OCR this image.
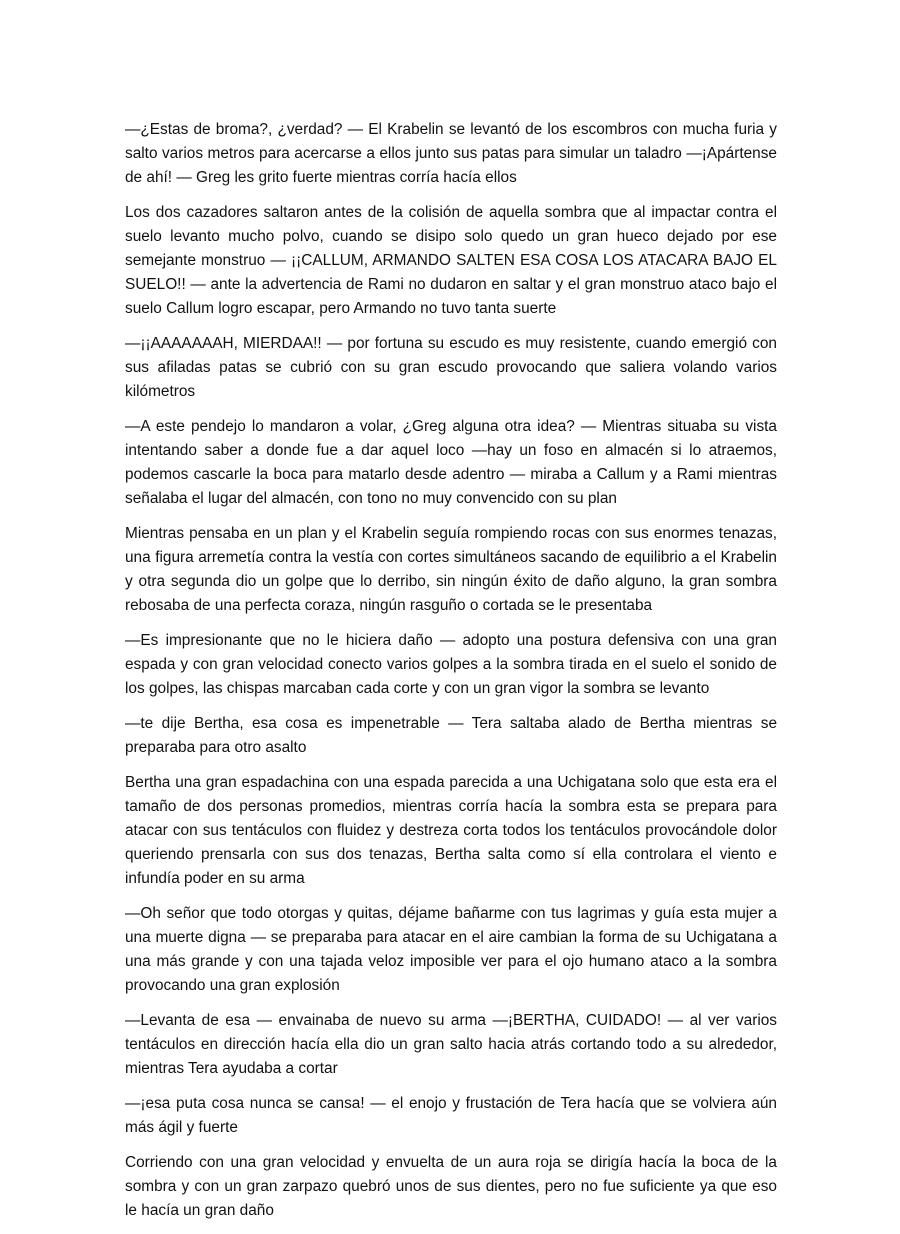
—¿Estas de broma?, ¿verdad? — El Krabelin se levantó de los escombros con mucha furia y salto varios metros para acercarse a ellos junto sus patas para simular un taladro —¡Apártense de ahí! — Greg les grito fuerte mientras corría hacía ellos

Los dos cazadores saltaron antes de la colisión de aquella sombra que al impactar contra el suelo levanto mucho polvo, cuando se disipo solo quedo un gran hueco dejado por ese semejante monstruo — ¡¡CALLUM, ARMANDO SALTEN ESA COSA LOS ATACARA BAJO EL SUELO!! — ante la advertencia de Rami no dudaron en saltar y el gran monstruo ataco bajo el suelo Callum logro escapar, pero Armando no tuvo tanta suerte

—¡¡AAAAAAAH, MIERDAA!! — por fortuna su escudo es muy resistente, cuando emergió con sus afiladas patas se cubrió con su gran escudo provocando que saliera volando varios kilómetros

—A este pendejo lo mandaron a volar, ¿Greg alguna otra idea? — Mientras situaba su vista intentando saber a donde fue a dar aquel loco —hay un foso en almacén si lo atraemos, podemos cascarle la boca para matarlo desde adentro — miraba a Callum y a Rami mientras señalaba el lugar del almacén, con tono no muy convencido con su plan

Mientras pensaba en un plan y el Krabelin seguía rompiendo rocas con sus enormes tenazas, una figura arremetía contra la vestía con cortes simultáneos sacando de equilibrio a el Krabelin y otra segunda dio un golpe que lo derribo, sin ningún éxito de daño alguno, la gran sombra rebosaba de una perfecta coraza, ningún rasguño o cortada se le presentaba

—Es impresionante que no le hiciera daño — adopto una postura defensiva con una gran espada y con gran velocidad conecto varios golpes a la sombra tirada en el suelo el sonido de los golpes, las chispas marcaban cada corte y con un gran vigor la sombra se levanto

—te dije Bertha, esa cosa es impenetrable — Tera saltaba alado de Bertha mientras se preparaba para otro asalto

Bertha una gran espadachina con una espada parecida a una Uchigatana solo que esta era el tamaño de dos personas promedios, mientras corría hacía la sombra esta se prepara para atacar con sus tentáculos con fluidez y destreza corta todos los tentáculos provocándole dolor queriendo prensarla con sus dos tenazas, Bertha salta como sí ella controlara el viento e infundía poder en su arma

—Oh señor que todo otorgas y quitas, déjame bañarme con tus lagrimas y guía esta mujer a una muerte digna — se preparaba para atacar en el aire cambian la forma de su Uchigatana a una más grande y con una tajada veloz imposible ver para el ojo humano ataco a la sombra provocando una gran explosión

—Levanta de esa — envainaba de nuevo su arma —¡BERTHA, CUIDADO! — al ver varios tentáculos en dirección hacía ella dio un gran salto hacia atrás cortando todo a su alrededor, mientras Tera ayudaba a cortar

—¡esa puta cosa nunca se cansa! — el enojo y frustación de Tera hacía que se volviera aún más ágil y fuerte

Corriendo con una gran velocidad y envuelta de un aura roja se dirigía hacía la boca de la sombra y con un gran zarpazo quebró unos de sus dientes, pero no fue suficiente ya que eso le hacía un gran daño
